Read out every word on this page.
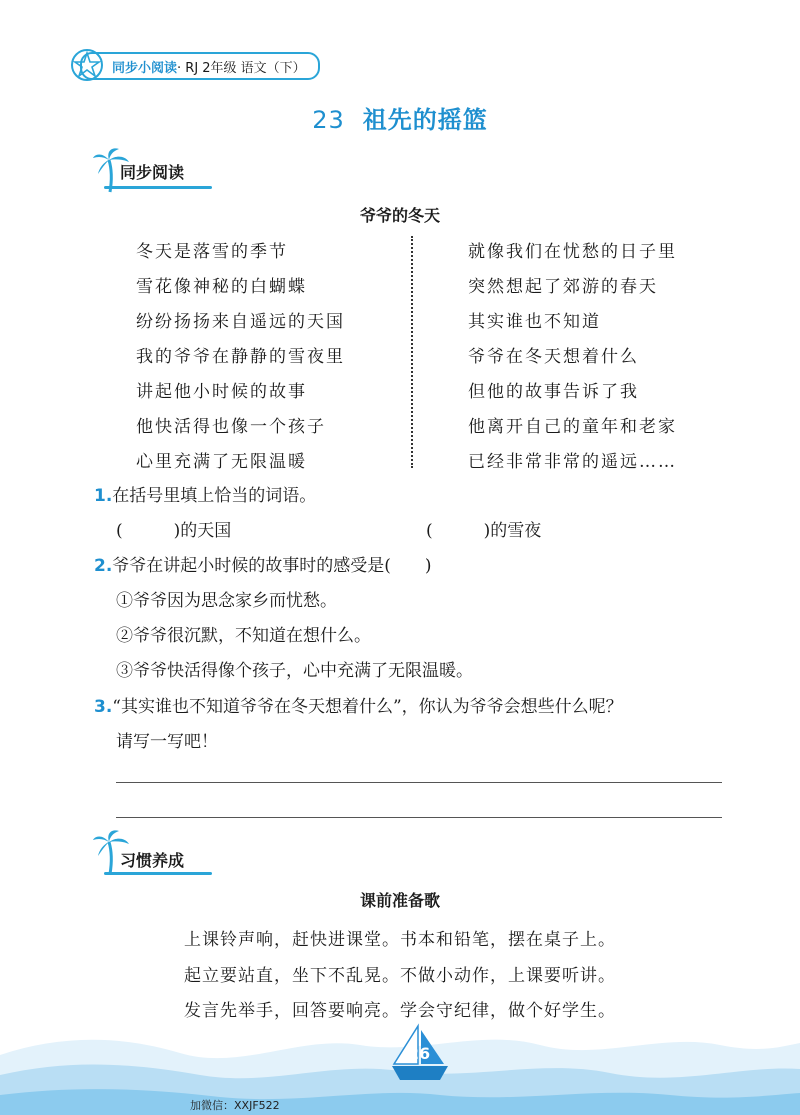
同步小阅读 · RJ 2年级 语文（下）
23 祖先的摇篮
同步阅读
爷爷的冬天
冬天是落雪的季节
雪花像神秘的白蝴蝶
纷纷扬扬来自遥远的天国
我的爷爷在静静的雪夜里
讲起他小时候的故事
他快活得也像一个孩子
心里充满了无限温暖
就像我们在忧愁的日子里
突然想起了郊游的春天
其实谁也不知道
爷爷在冬天想着什么
但他的故事告诉了我
他离开自己的童年和老家
已经非常非常的遥远……
1.在括号里填上恰当的词语。
(　　　)的天国	(　　　)的雪夜
2.爷爷在讲起小时候的故事时的感受是(　　)
①爷爷因为思念家乡而忧愁。
②爷爷很沉默，不知道在想什么。
③爷爷快活得像个孩子，心中充满了无限温暖。
3.“其实谁也不知道爷爷在冬天想着什么”，你认为爷爷会想些什么呢？
请写一写吧！
习惯养成
课前准备歌
上课铃声响，赶快进课堂。书本和铅笔，摆在桌子上。
起立要站直，坐下不乱晃。不做小动作，上课要听讲。
发言先举手，回答要响亮。学会守纪律，做个好学生。
26
加微信：XXJF522
